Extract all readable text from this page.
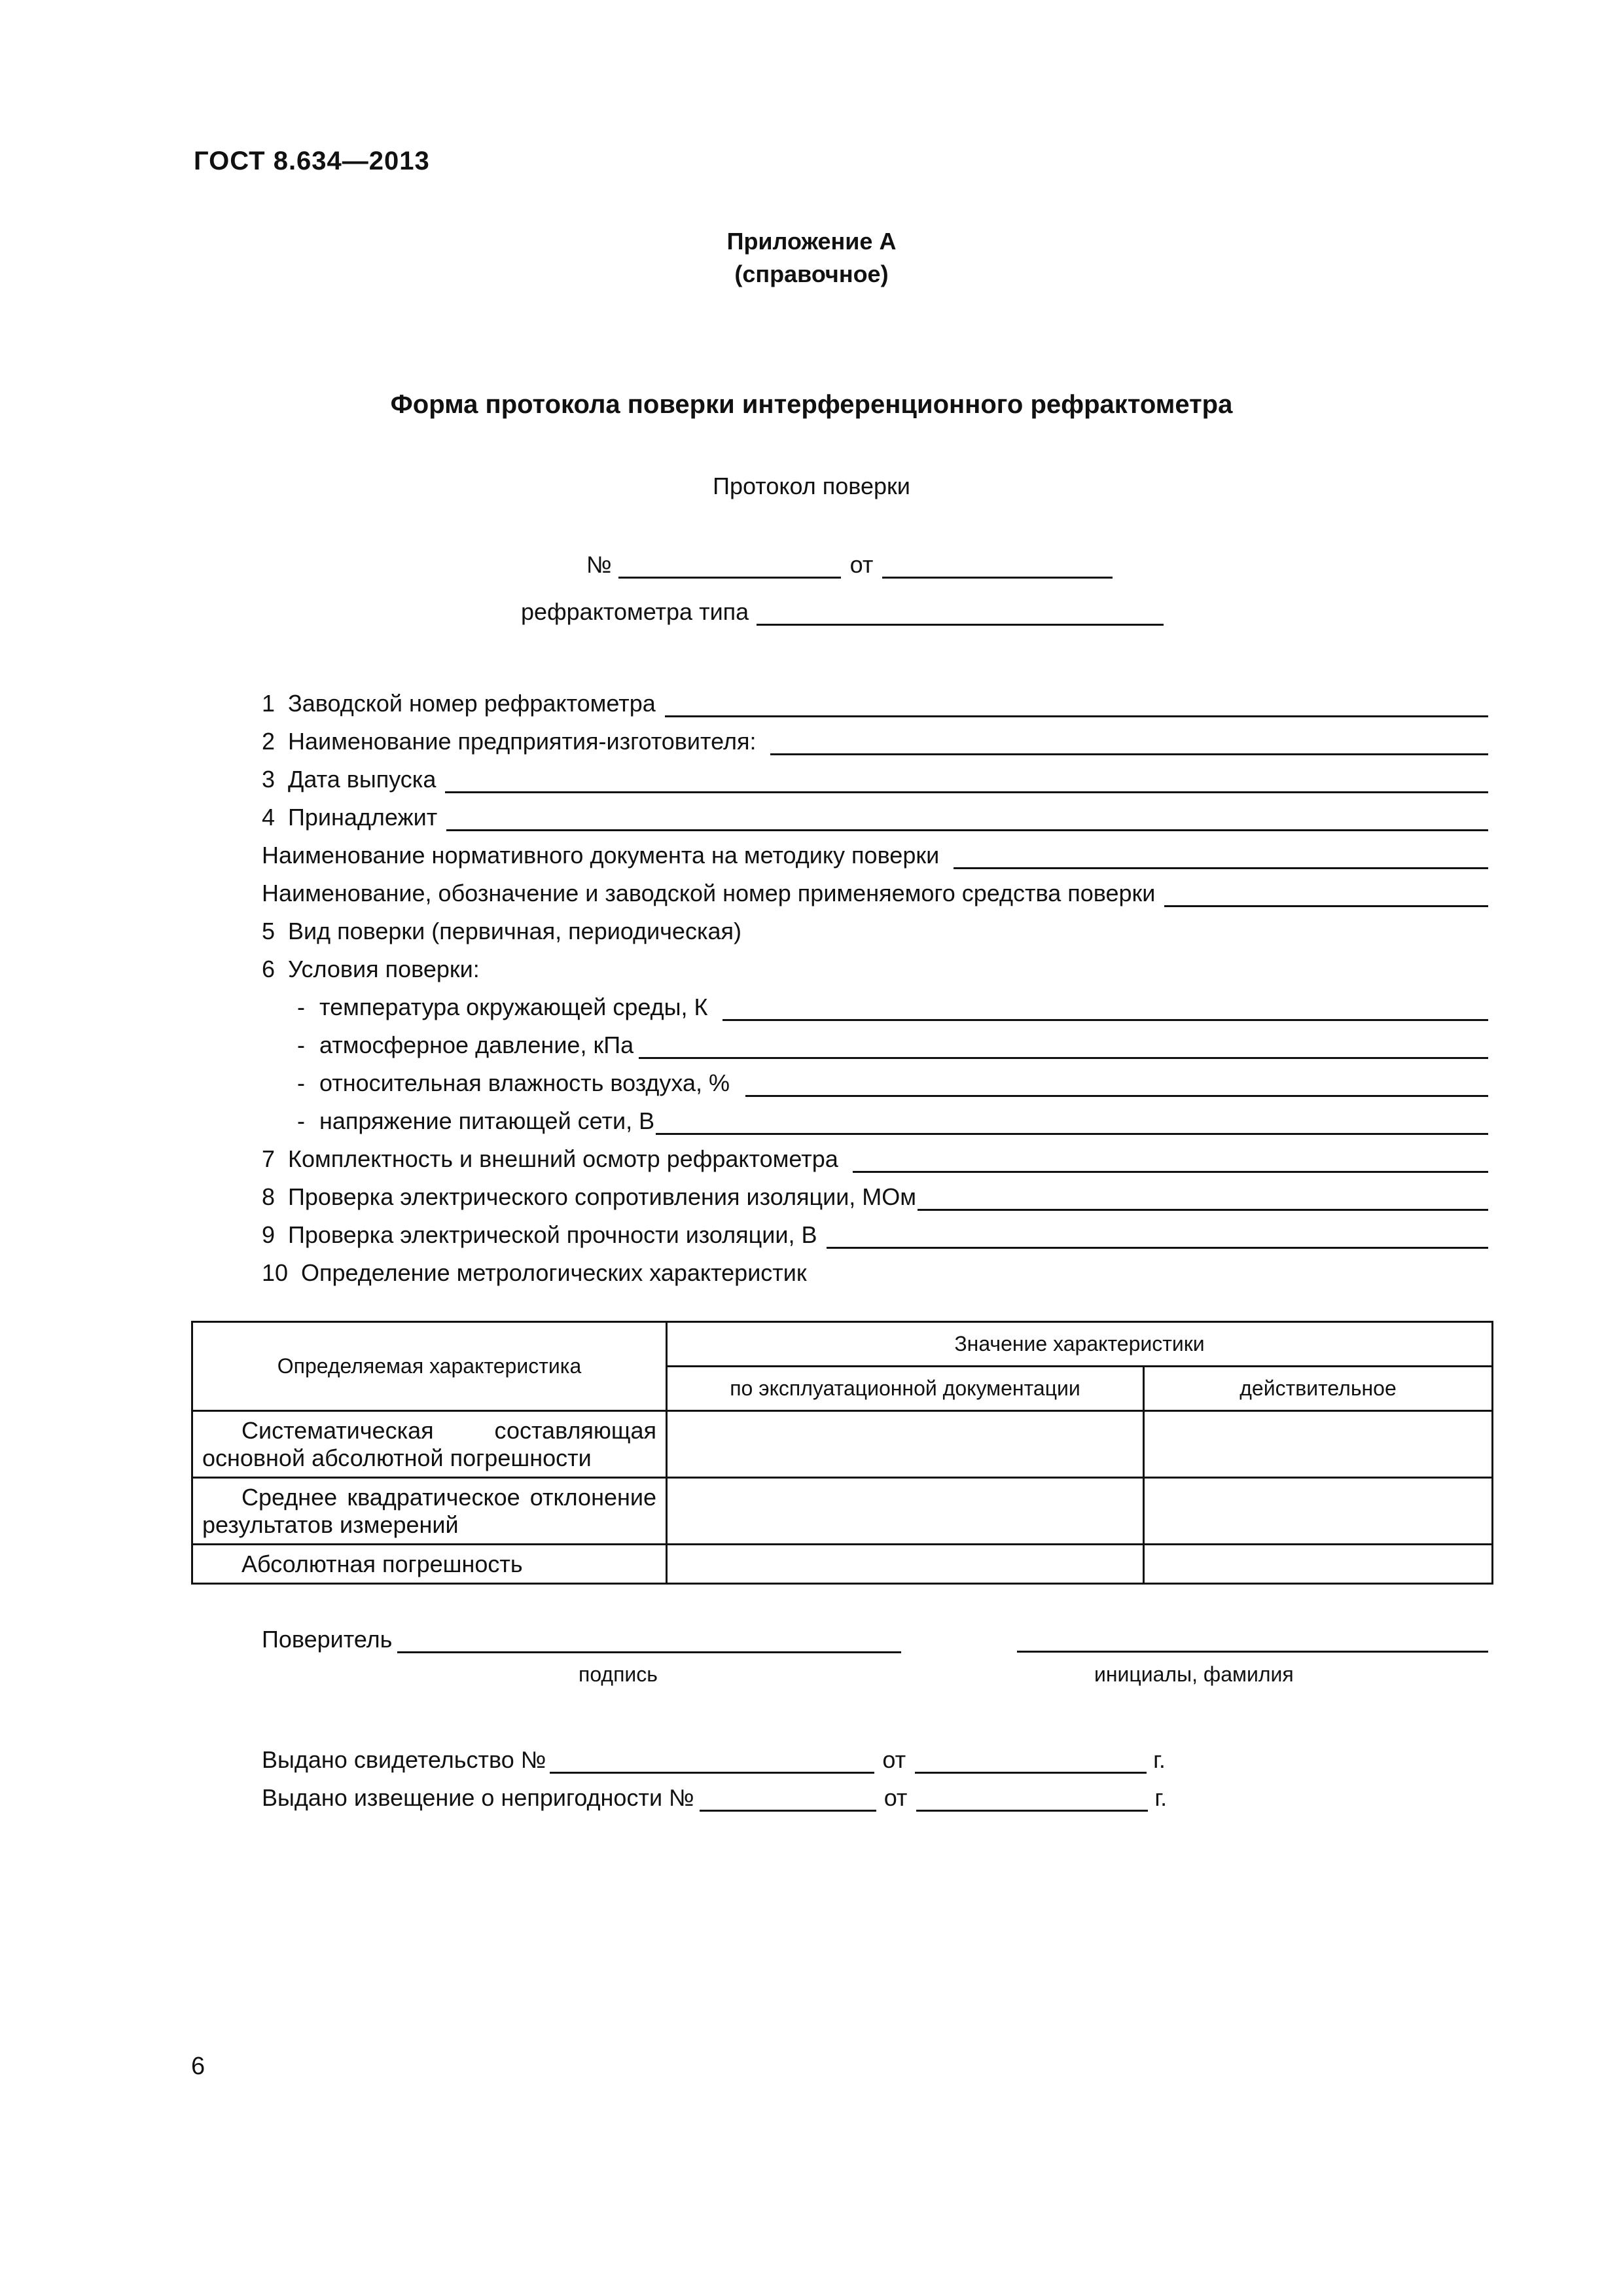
ГОСТ 8.634—2013
Приложение А
(справочное)
Форма протокола поверки интерференционного рефрактометра
Протокол поверки
№	от
рефрактометра типа
1 Заводской номер рефрактометра
2 Наименование предприятия-изготовителя:
3 Дата выпуска
4 Принадлежит
Наименование нормативного документа на методику поверки
Наименование, обозначение и заводской номер применяемого средства поверки
5 Вид поверки (первичная, периодическая)
6 Условия поверки:
- температура окружающей среды, К
- атмосферное давление, кПа
- относительная влажность воздуха, %
- напряжение питающей сети, В
7 Комплектность и внешний осмотр рефрактометра
8 Проверка электрического сопротивления изоляции, МОм
9 Проверка электрической прочности изоляции, В
10 Определение метрологических характеристик
Определяемая характеристика	Значение характеристики	
	по эксплуатационной документации	действительное
Систематическая составляющая основной абсолютной погрешности		
Среднее квадратическое отклонение результатов измерений		
Абсолютная погрешность		
Поверитель
подпись	инициалы, фамилия
Выдано свидетельство №	от	г.
Выдано извещение о непригодности №	от	г.
6
